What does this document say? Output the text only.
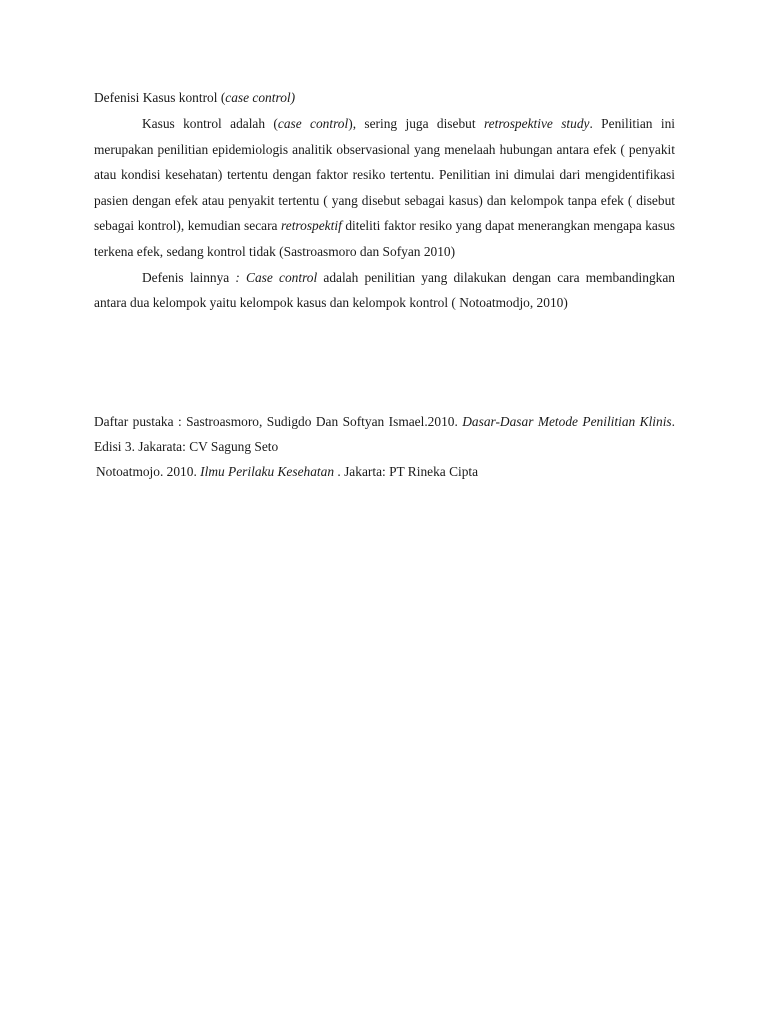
Defenisi Kasus kontrol (case control)

Kasus kontrol adalah (case control), sering juga disebut retrospektive study. Penilitian ini merupakan penilitian epidemiologis analitik observasional yang menelaah hubungan antara efek ( penyakit atau kondisi kesehatan) tertentu dengan faktor resiko tertentu. Penilitian ini dimulai dari mengidentifikasi pasien dengan efek atau penyakit tertentu ( yang disebut sebagai kasus) dan kelompok tanpa efek ( disebut sebagai kontrol), kemudian secara retrospektif diteliti faktor resiko yang dapat menerangkan mengapa kasus terkena efek, sedang kontrol tidak (Sastroasmoro dan Sofyan 2010)

Defenis lainnya : Case control adalah penilitian yang dilakukan dengan cara membandingkan antara dua kelompok yaitu kelompok kasus dan kelompok kontrol ( Notoatmodjo, 2010)

Daftar pustaka : Sastroasmoro, Sudigdo Dan Softyan Ismael.2010. Dasar-Dasar Metode Penilitian Klinis. Edisi 3. Jakarata: CV Sagung Seto

Notoatmojo. 2010. Ilmu Perilaku Kesehatan . Jakarta: PT Rineka Cipta
